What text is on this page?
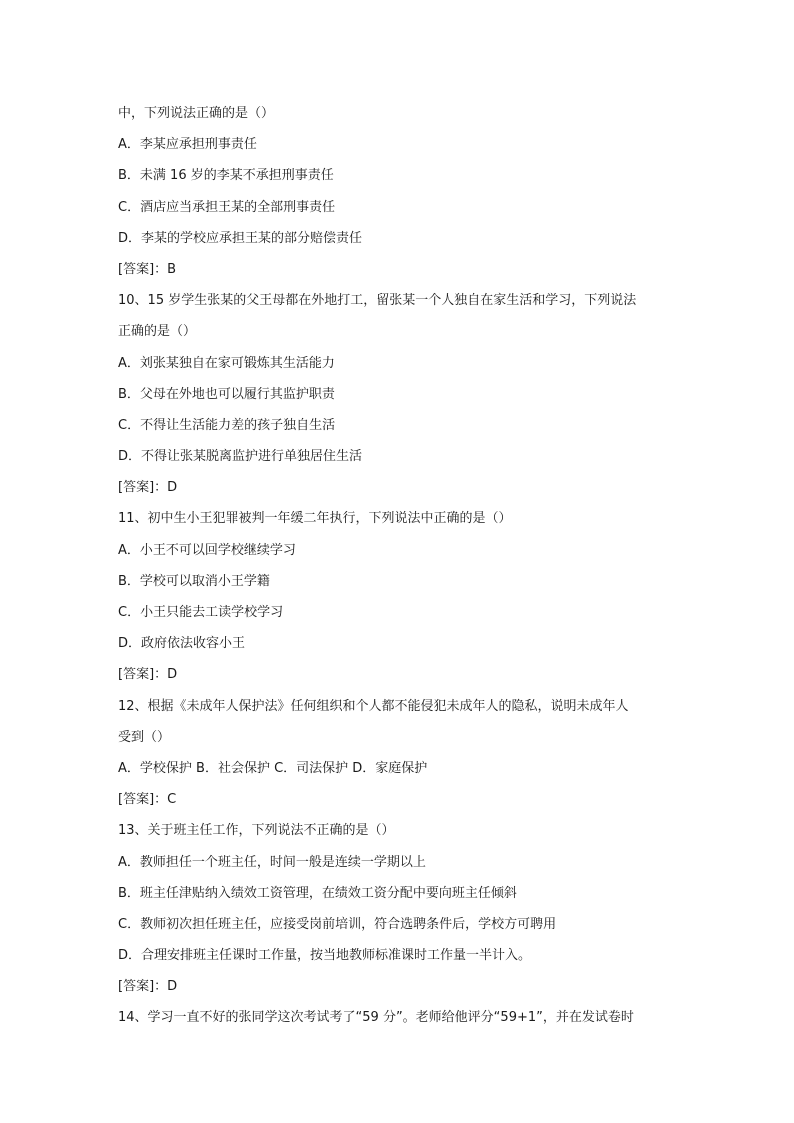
中，下列说法正确的是（）
A．李某应承担刑事责任
B．未满 16 岁的李某不承担刑事责任
C．酒店应当承担王某的全部刑事责任
D．李某的学校应承担王某的部分赔偿责任
[答案]：B
10、15 岁学生张某的父王母都在外地打工，留张某一个人独自在家生活和学习，下列说法
正确的是（）
A．刘张某独自在家可锻炼其生活能力
B．父母在外地也可以履行其监护职责
C．不得让生活能力差的孩子独自生活
D．不得让张某脱离监护进行单独居住生活
[答案]：D
11、初中生小王犯罪被判一年缓二年执行，下列说法中正确的是（）
A．小王不可以回学校继续学习
B．学校可以取消小王学籍
C．小王只能去工读学校学习
D．政府依法收容小王
[答案]：D
12、根据《未成年人保护法》任何组织和个人都不能侵犯未成年人的隐私，说明未成年人
受到（）
A．学校保护 B．社会保护 C．司法保护 D．家庭保护
[答案]：C
13、关于班主任工作，下列说法不正确的是（）
A．教师担任一个班主任，时间一般是连续一学期以上
B．班主任津贴纳入绩效工资管理，在绩效工资分配中要向班主任倾斜
C．教师初次担任班主任，应接受岗前培训，符合选聘条件后，学校方可聘用
D．合理安排班主任课时工作量，按当地教师标准课时工作量一半计入。
[答案]：D
14、学习一直不好的张同学这次考试考了“59 分”。老师给他评分“59+1”，并在发试卷时
